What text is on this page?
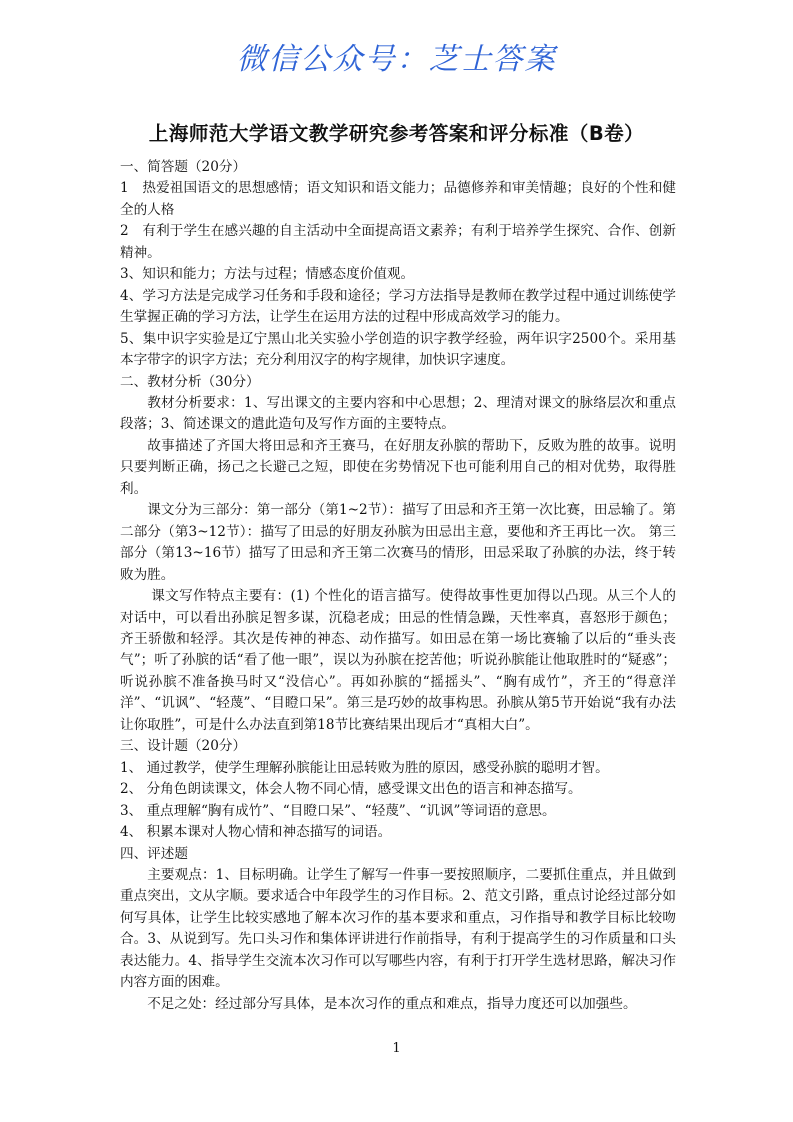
微信公众号：芝士答案
上海师范大学语文教学研究参考答案和评分标准（B卷）

一、简答题（20分）

1　热爱祖国语文的思想感情；语文知识和语文能力；品德修养和审美情趣；良好的个性和健全的人格

2　有利于学生在感兴趣的自主活动中全面提高语文素养；有利于培养学生探究、合作、创新精神。

3、知识和能力；方法与过程；情感态度价值观。

4、学习方法是完成学习任务和手段和途径；学习方法指导是教师在教学过程中通过训练使学生掌握正确的学习方法，让学生在运用方法的过程中形成高效学习的能力。

5、集中识字实验是辽宁黑山北关实验小学创造的识字教学经验，两年识字2500个。采用基本字带字的识字方法；充分利用汉字的构字规律，加快识字速度。

二、教材分析（30分）

教材分析要求：1、写出课文的主要内容和中心思想；2、理清对课文的脉络层次和重点段落；3、简述课文的遣此造句及写作方面的主要特点。

故事描述了齐国大将田忌和齐王赛马，在好朋友孙膑的帮助下，反败为胜的故事。说明只要判断正确，扬己之长避己之短，即使在劣势情况下也可能利用自己的相对优势，取得胜利。

课文分为三部分：第一部分（第1~2节）：描写了田忌和齐王第一次比赛，田忌输了。第二部分（第3~12节）：描写了田忌的好朋友孙膑为田忌出主意，要他和齐王再比一次。 第三部分（第13~16节）描写了田忌和齐王第二次赛马的情形，田忌采取了孙膑的办法，终于转败为胜。

课文写作特点主要有：(1) 个性化的语言描写。使得故事性更加得以凸现。从三个人的对话中，可以看出孙膑足智多谋，沉稳老成；田忌的性情急躁，天性率真，喜怒形于颜色；齐王骄傲和轻浮。其次是传神的神态、动作描写。如田忌在第一场比赛输了以后的“垂头丧气”；听了孙膑的话“看了他一眼”，误以为孙膑在挖苦他；听说孙膑能让他取胜时的“疑惑”；听说孙膑不准备换马时又“没信心”。再如孙膑的“摇摇头”、“胸有成竹”，齐王的“得意洋洋”、“讥讽”、“轻蔑”、“目瞪口呆”。第三是巧妙的故事构思。孙膑从第5节开始说“我有办法让你取胜”，可是什么办法直到第18节比赛结果出现后才“真相大白”。

三、设计题（20分）

1、 通过教学，使学生理解孙膑能让田忌转败为胜的原因，感受孙膑的聪明才智。

2、 分角色朗读课文，体会人物不同心情，感受课文出色的语言和神态描写。

3、 重点理解“胸有成竹”、“目瞪口呆”、“轻蔑”、“讥讽”等词语的意思。

4、 积累本课对人物心情和神态描写的词语。

四、评述题

主要观点：1、目标明确。让学生了解写一件事一要按照顺序，二要抓住重点，并且做到重点突出，文从字顺。要求适合中年段学生的习作目标。2、范文引路，重点讨论经过部分如何写具体，让学生比较实感地了解本次习作的基本要求和重点，习作指导和教学目标比较吻合。3、从说到写。先口头习作和集体评讲进行作前指导，有利于提高学生的习作质量和口头表达能力。4、指导学生交流本次习作可以写哪些内容，有利于打开学生选材思路，解决习作内容方面的困难。

不足之处：经过部分写具体，是本次习作的重点和难点，指导力度还可以加强些。

1
